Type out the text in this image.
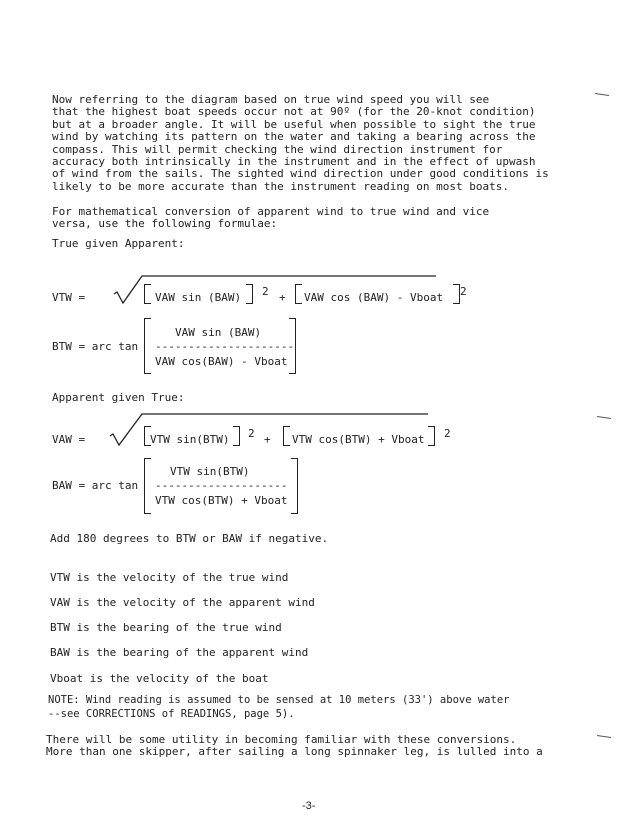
Now referring to the diagram based on true wind speed you will see
that the highest boat speeds occur not at 90º (for the 20-knot condition)
but at a broader angle. It will be useful when possible to sight the true
wind by watching its pattern on the water and taking a bearing across the
compass. This will permit checking the wind direction instrument for
accuracy both intrinsically in the instrument and in the effect of upwash
of wind from the sails. The sighted wind direction under good conditions is
likely to be more accurate than the instrument reading on most boats.
For mathematical conversion of apparent wind to true wind and vice
versa, use the following formulae:
True given Apparent:
VTW =	VAW sin (BAW) 2 + VAW cos (BAW) - Vboat 2
BTW = arc tan
VAW sin (BAW)
---------------------
VAW cos(BAW) - Vboat
Apparent given True:
VAW =	VTW sin(BTW) 2 + VTW cos(BTW) + Vboat 2
BAW = arc tan
VTW sin(BTW)
--------------------
VTW cos(BTW) + Vboat
Add 180 degrees to BTW or BAW if negative.
VTW is the velocity of the true wind
VAW is the velocity of the apparent wind
BTW is the bearing of the true wind
BAW is the bearing of the apparent wind
Vboat is the velocity of the boat
NOTE: Wind reading is assumed to be sensed at 10 meters (33') above water
--see CORRECTIONS of READINGS, page 5).
There will be some utility in becoming familiar with these conversions.
More than one skipper, after sailing a long spinnaker leg, is lulled into a
-3-
